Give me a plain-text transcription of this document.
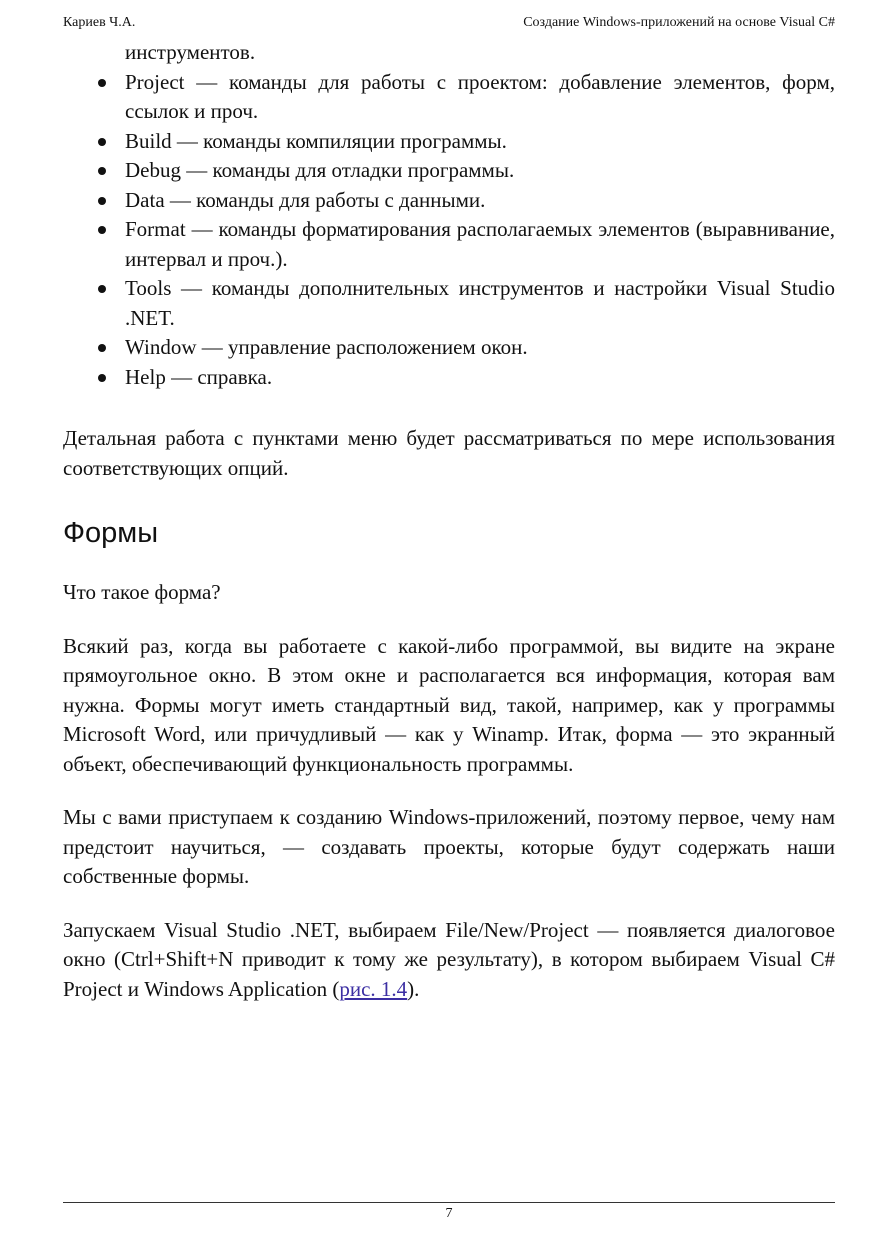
Кариев Ч.А.	Создание Windows-приложений на основе Visual C#
инструментов.
Project — команды для работы с проектом: добавление элементов, форм, ссылок и проч.
Build — команды компиляции программы.
Debug — команды для отладки программы.
Data — команды для работы с данными.
Format — команды форматирования располагаемых элементов (выравнивание, интервал и проч.).
Tools — команды дополнительных инструментов и настройки Visual Studio .NET.
Window — управление расположением окон.
Help — справка.

Детальная работа с пунктами меню будет рассматриваться по мере использования соответствующих опций.

Формы

Что такое форма?

Всякий раз, когда вы работаете с какой-либо программой, вы видите на экране прямоугольное окно. В этом окне и располагается вся информация, которая вам нужна. Формы могут иметь стандартный вид, такой, например, как у программы Microsoft Word, или причудливый — как у Winamp. Итак, форма — это экранный объект, обеспечивающий функциональность программы.

Мы с вами приступаем к созданию Windows-приложений, поэтому первое, чему нам предстоит научиться, — создавать проекты, которые будут содержать наши собственные формы.

Запускаем Visual Studio .NET, выбираем File/New/Project — появляется диалоговое окно (Ctrl+Shift+N приводит к тому же результату), в котором выбираем Visual C# Project и Windows Application (рис. 1.4).

7
